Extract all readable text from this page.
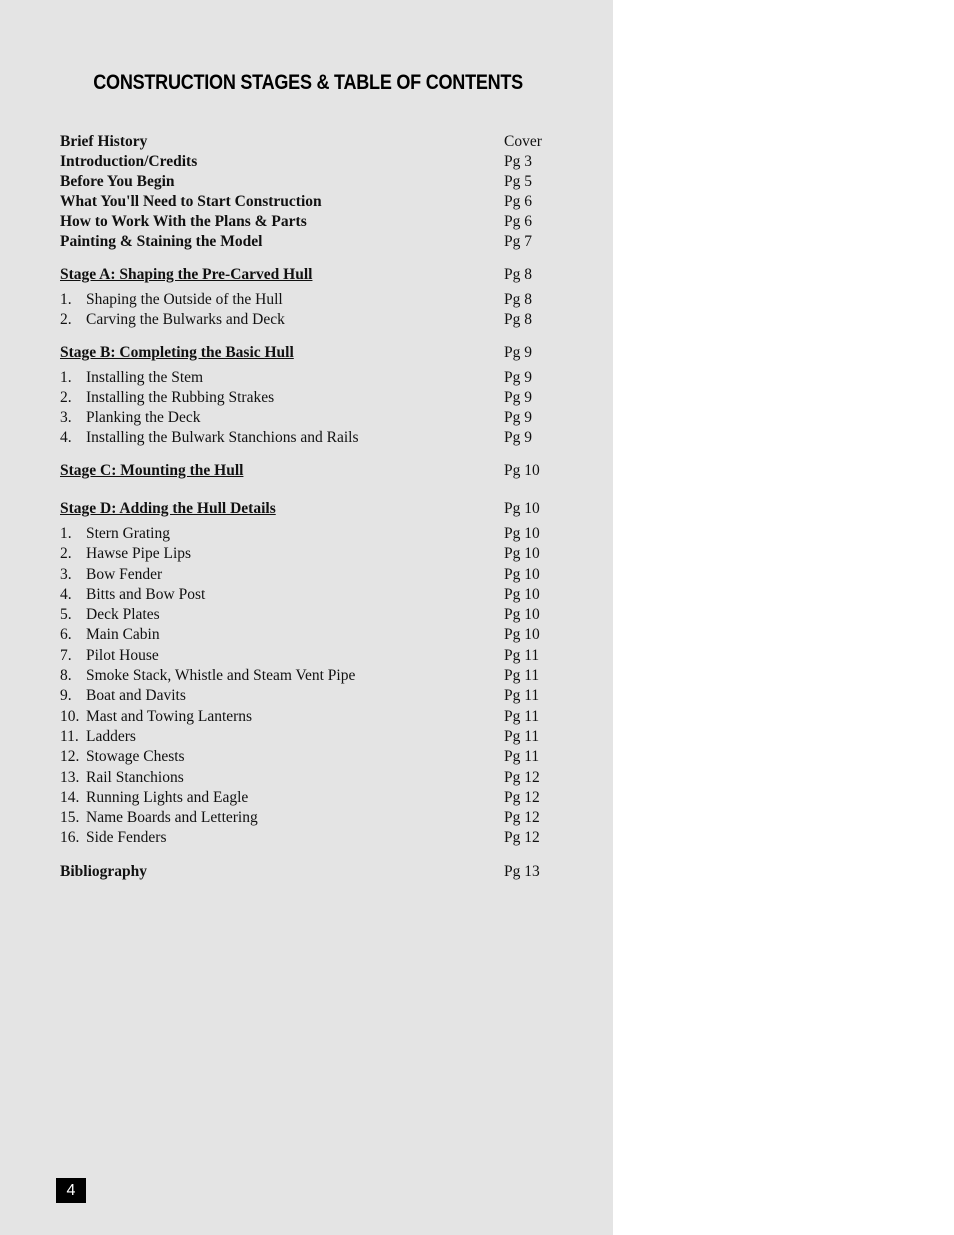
CONSTRUCTION STAGES & TABLE OF CONTENTS
Brief History	Cover
Introduction/Credits	Pg 3
Before You Begin	Pg 5
What You'll Need to Start Construction	Pg 6
How to Work With the Plans & Parts	Pg 6
Painting & Staining the Model	Pg 7
Stage A: Shaping the Pre-Carved Hull	Pg 8
1. Shaping the Outside of the Hull	Pg 8
2. Carving the Bulwarks and Deck	Pg 8
Stage B: Completing the Basic Hull	Pg 9
1. Installing the Stem	Pg 9
2. Installing the Rubbing Strakes	Pg 9
3. Planking the Deck	Pg 9
4. Installing the Bulwark Stanchions and Rails	Pg 9
Stage C: Mounting the Hull	Pg 10
Stage D: Adding the Hull Details	Pg 10
1. Stern Grating	Pg 10
2. Hawse Pipe Lips	Pg 10
3. Bow Fender	Pg 10
4. Bitts and Bow Post	Pg 10
5. Deck Plates	Pg 10
6. Main Cabin	Pg 10
7. Pilot House	Pg 11
8. Smoke Stack, Whistle and Steam Vent Pipe	Pg 11
9. Boat and Davits	Pg 11
10. Mast and Towing Lanterns	Pg 11
11. Ladders	Pg 11
12. Stowage Chests	Pg 11
13. Rail Stanchions	Pg 12
14. Running Lights and Eagle	Pg 12
15. Name Boards and Lettering	Pg 12
16. Side Fenders	Pg 12
Bibliography	Pg 13
4
